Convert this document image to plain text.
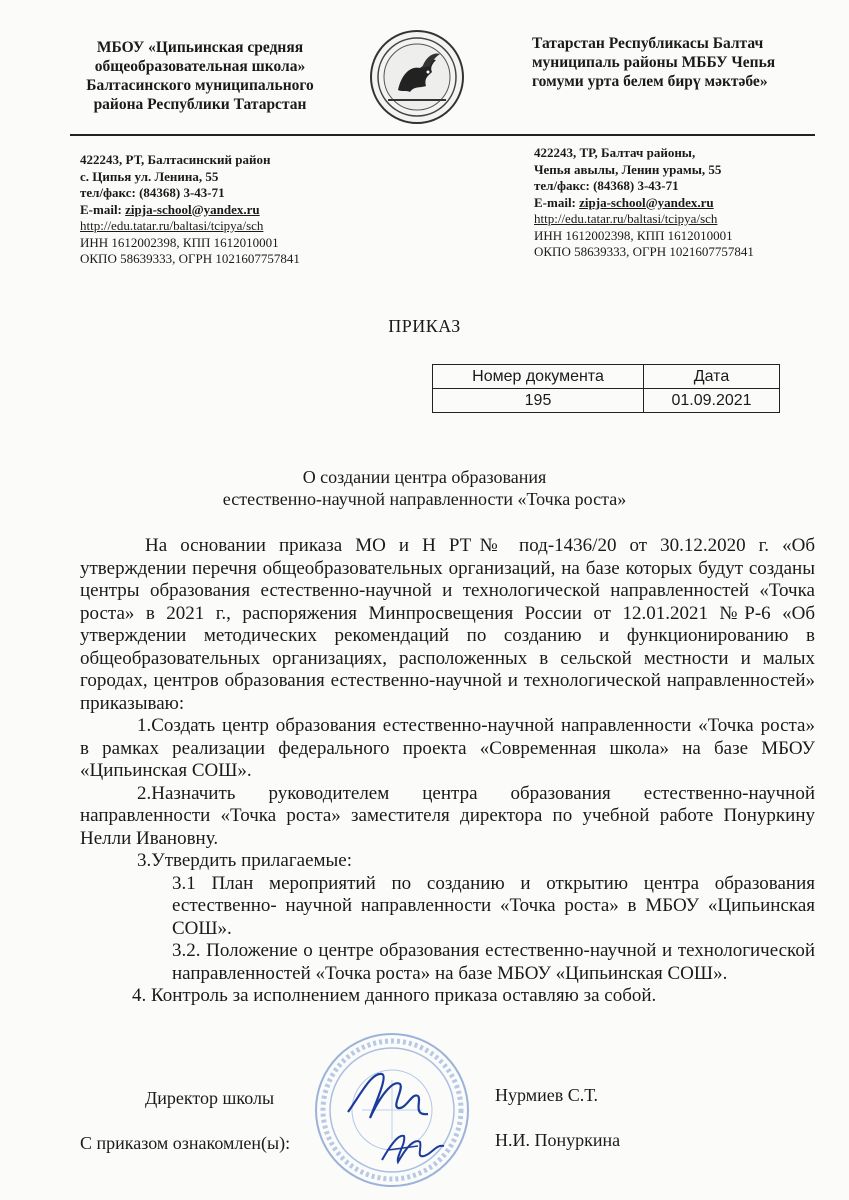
МБОУ «Ципьинская средняя
общеобразовательная школа»
Балтасинского муниципального
района Республики Татарстан
Татарстан Республикасы Балтач
муниципаль районы МББУ Чепья
гомуми урта белем бирү мәктәбе»
422243, РТ, Балтасинский район
с. Ципья ул. Ленина, 55
тел/факс: (84368) 3-43-71
E-mail: zipja-school@yandex.ru
http://edu.tatar.ru/baltasi/tcipya/sch
ИНН 1612002398, КПП 1612010001
ОКПО 58639333, ОГРН 1021607757841
422243, ТР, Балтач районы,
Чепья авылы, Ленин урамы, 55
тел/факс: (84368) 3-43-71
E-mail: zipja-school@yandex.ru
http://edu.tatar.ru/baltasi/tcipya/sch
ИНН 1612002398, КПП 1612010001
ОКПО 58639333, ОГРН 1021607757841
ПРИКАЗ
Номер документа	Дата
195	01.09.2021
О создании центра образования
естественно-научной направленности «Точка роста»
На основании приказа МО и Н РТ№ под-1436/20 от 30.12.2020 г. «Об утверждении перечня общеобразовательных организаций, на базе которых будут созданы центры образования естественно-научной и технологической направленностей «Точка роста» в 2021 г., распоряжения Минпросвещения России от 12.01.2021 №Р-6 «Об утверждении методических рекомендаций по созданию и функционированию в общеобразовательных организациях, расположенных в сельской местности и малых городах, центров образования естественно-научной и технологической направленностей» приказываю:
1.Создать центр образования естественно-научной направленности «Точка роста» в рамках реализации федерального проекта «Современная школа» на базе МБОУ «Ципьинская СОШ».
2.Назначить руководителем центра образования естественно-научной направленности «Точка роста» заместителя директора по учебной работе Понуркину Нелли Ивановну.
3.Утвердить прилагаемые:
3.1 План мероприятий по созданию и открытию центра образования естественно- научной направленности «Точка роста» в МБОУ «Ципьинская СОШ».
3.2. Положение о центре образования естественно-научной и технологической направленностей «Точка роста» на базе МБОУ «Ципьинская СОШ».
4. Контроль за исполнением данного приказа оставляю за собой.
Директор школы	Нурмиев С.Т.
С приказом ознакомлен(ы):	Н.И. Понуркина
